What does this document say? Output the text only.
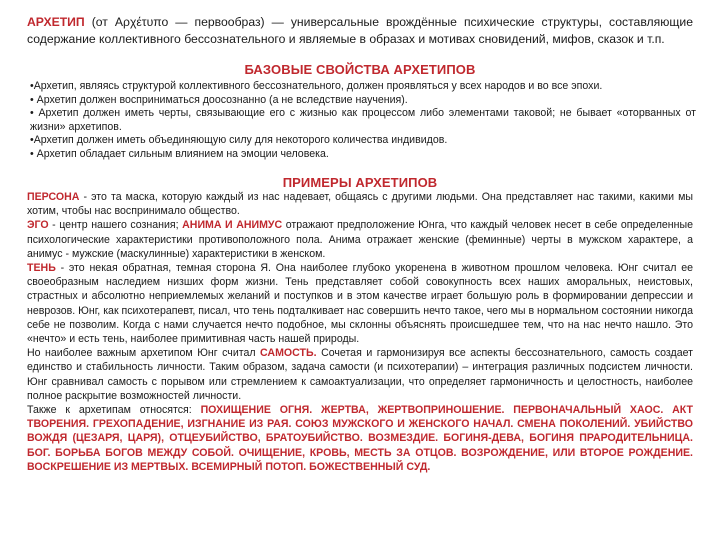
АРХЕТИП (от Αρχέτυπο — первообраз) — универсальные врождённые психические структуры, составляющие содержание коллективного бессознательного и являемые в образах и мотивах сновидений, мифов, сказок и т.п.
БАЗОВЫЕ СВОЙСТВА АРХЕТИПОВ

•Архетип, являясь структурой коллективного бессознательного, должен проявляться у всех народов и во все эпохи.

• Архетип должен восприниматься доосознанно (а не вследствие научения).

• Архетип должен иметь черты, связывающие его с жизнью как процессом либо элементами таковой; не бывает «оторванных от жизни» архетипов.

•Архетип должен иметь объединяющую силу для некоторого количества индивидов.

• Архетип обладает сильным влиянием на эмоции человека.

ПРИМЕРЫ АРХЕТИПОВ

ПЕРСОНА - это та маска, которую каждый из нас надевает, общаясь с другими людьми. Она представляет нас такими, какими мы хотим, чтобы нас воспринимало общество.

ЭГО - центр нашего сознания; АНИМА И АНИМУС отражают предположение Юнга, что каждый человек несет в себе определенные психологические характеристики противоположного пола. Анима отражает женские (феминные) черты в мужском характере, а анимус - мужские (маскулинные) характеристики в женском.

ТЕНЬ - это некая обратная, темная сторона Я. Она наиболее глубоко укоренена в животном прошлом человека. Юнг считал ее своеобразным наследием низших форм жизни. Тень представляет собой совокупность всех наших аморальных, неистовых, страстных и абсолютно неприемлемых желаний и поступков и в этом качестве играет большую роль в формировании депрессии и неврозов. Юнг, как психотерапевт, писал, что тень подталкивает нас совершить нечто такое, чего мы в нормальном состоянии никогда себе не позволим. Когда с нами случается нечто подобное, мы склонны объяснять происшедшее тем, что на нас нечто нашло. Это «нечто» и есть тень, наиболее примитивная часть нашей природы.

Но наиболее важным архетипом Юнг считал САМОСТЬ. Сочетая и гармонизируя все аспекты бессознательного, самость создает единство и стабильность личности. Таким образом, задача самости (и психотерапии) – интеграция различных подсистем личности. Юнг сравнивал самость с порывом или стремлением к самоактуализации, что определяет гармоничность и целостность, наиболее полное раскрытие возможностей личности.

Также к архетипам относятся: ПОХИЩЕНИЕ ОГНЯ. ЖЕРТВА, ЖЕРТВОПРИНОШЕНИЕ. ПЕРВОНАЧАЛЬНЫЙ ХАОС. АКТ ТВОРЕНИЯ. ГРЕХОПАДЕНИЕ, ИЗГНАНИЕ ИЗ РАЯ. СОЮЗ МУЖСКОГО И ЖЕНСКОГО НАЧАЛ. СМЕНА ПОКОЛЕНИЙ. УБИЙСТВО ВОЖДЯ (ЦЕЗАРЯ, ЦАРЯ), ОТЦЕУБИЙСТВО, БРАТОУБИЙСТВО. ВОЗМЕЗДИЕ. БОГИНЯ-ДЕВА, БОГИНЯ ПРАРОДИТЕЛЬНИЦА. БОГ. БОРЬБА БОГОВ МЕЖДУ СОБОЙ. ОЧИЩЕНИЕ, КРОВЬ, МЕСТЬ ЗА ОТЦОВ. ВОЗРОЖДЕНИЕ, ИЛИ ВТОРОЕ РОЖДЕНИЕ. ВОСКРЕШЕНИЕ ИЗ МЕРТВЫХ. ВСЕМИРНЫЙ ПОТОП. БОЖЕСТВЕННЫЙ СУД.
